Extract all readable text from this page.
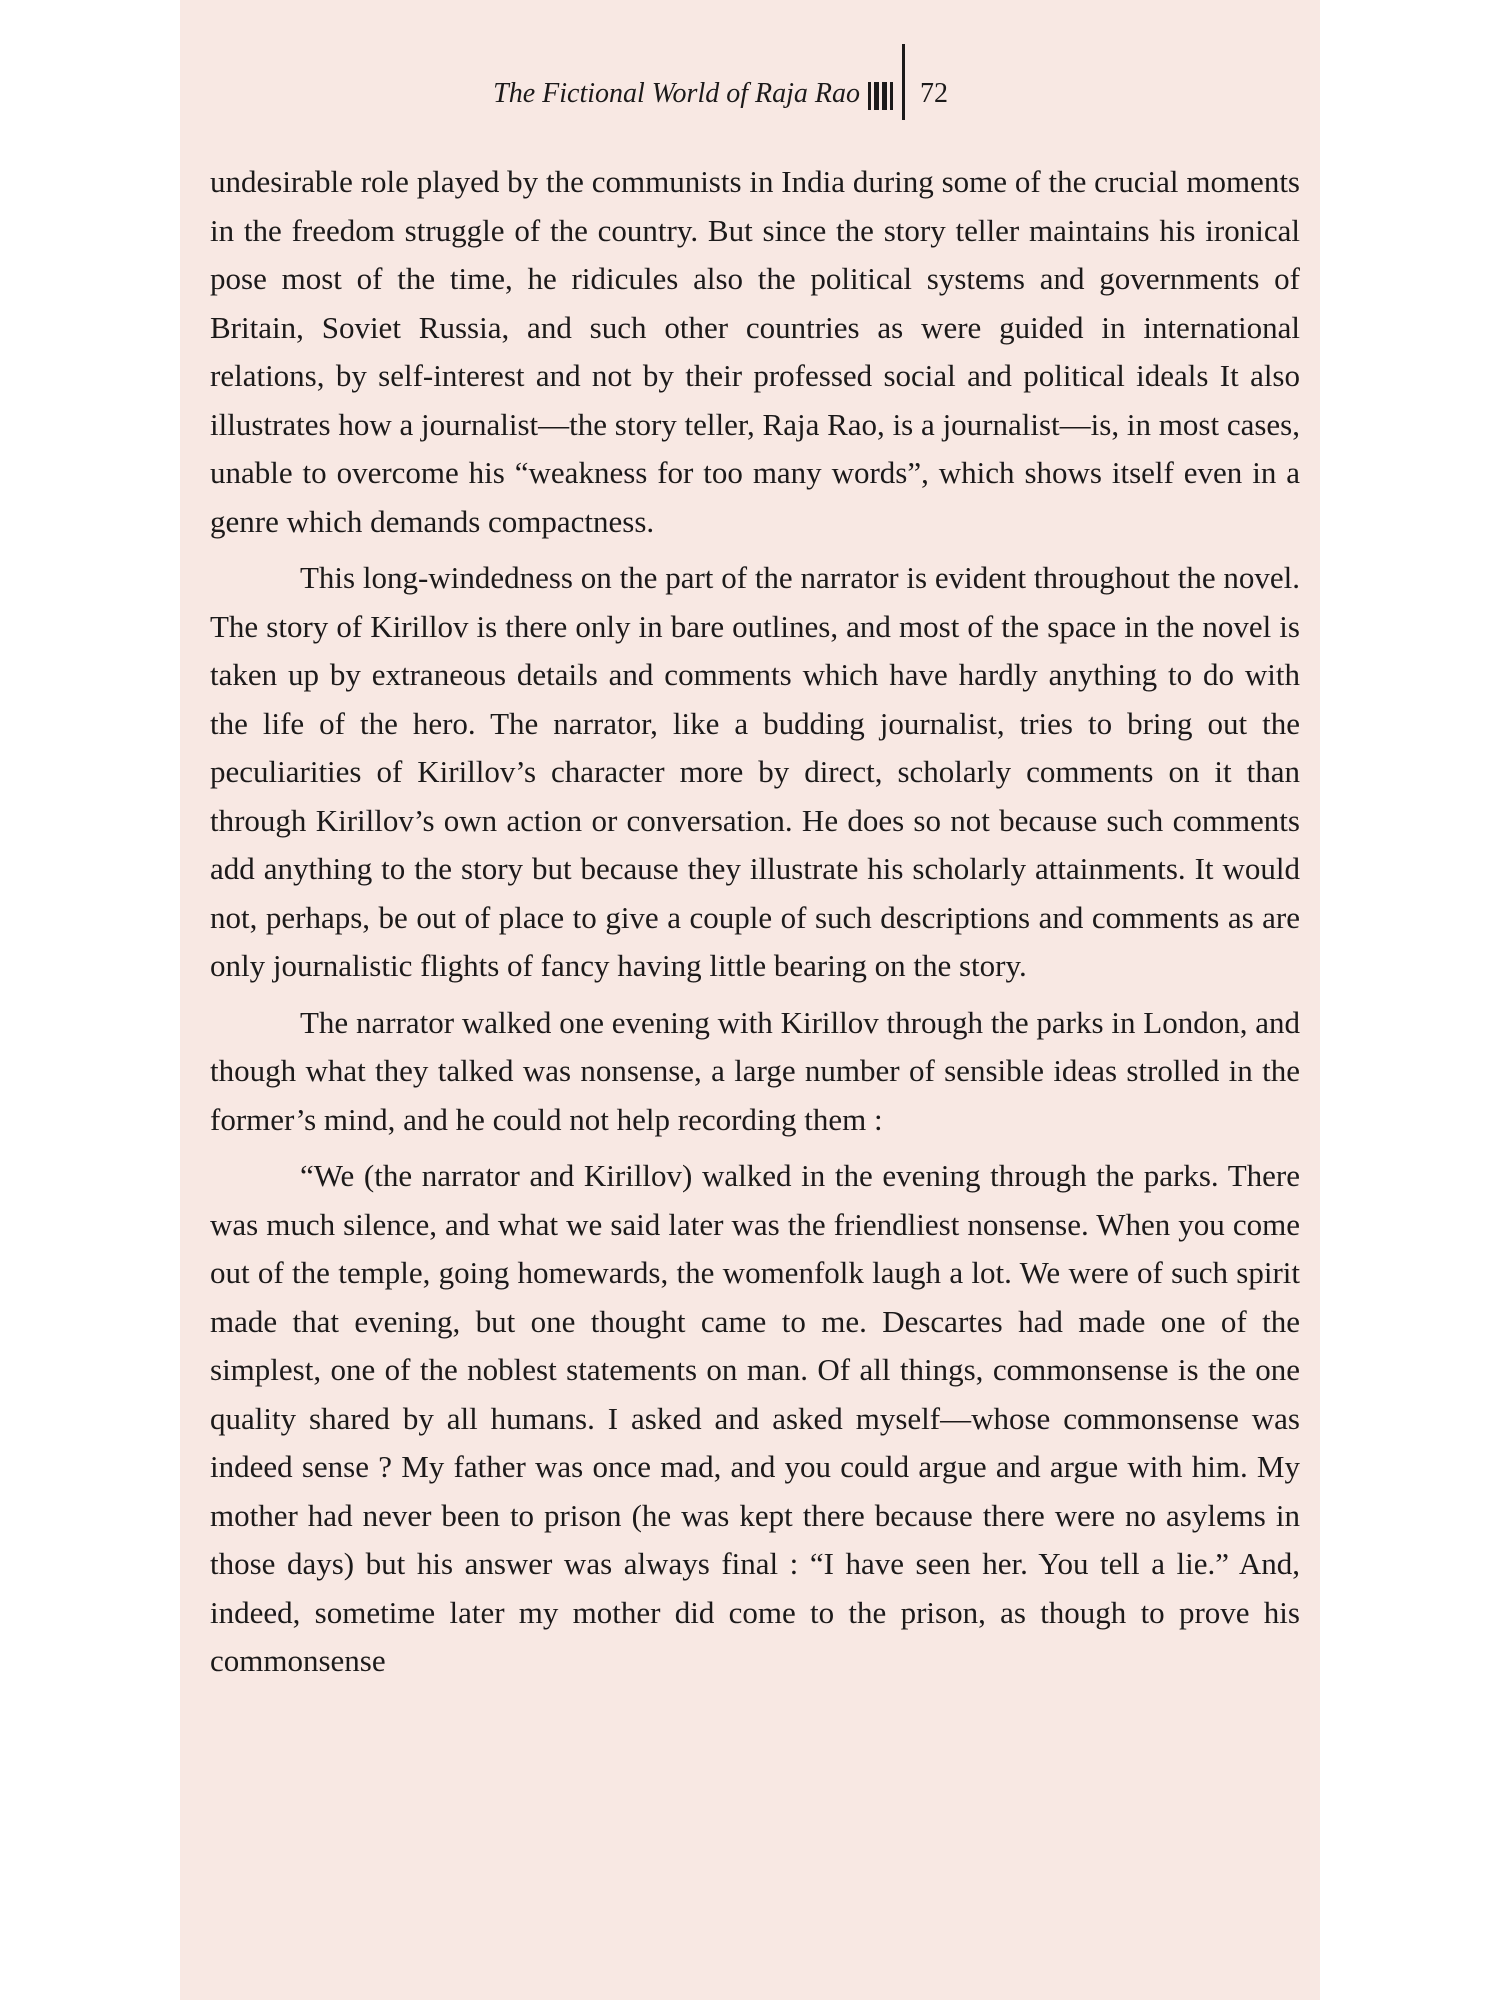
The Fictional World of Raja Rao 72

undesirable role played by the communists in India during some of the crucial moments in the freedom struggle of the country. But since the story teller maintains his ironical pose most of the time, he ridicules also the political systems and governments of Britain, Soviet Russia, and such other countries as were guided in international relations, by self-interest and not by their professed social and political ideals It also illustrates how a journalist—the story teller, Raja Rao, is a journalist—is, in most cases, unable to overcome his “weakness for too many words”, which shows itself even in a genre which demands compactness.

This long-windedness on the part of the narrator is evident throughout the novel. The story of Kirillov is there only in bare outlines, and most of the space in the novel is taken up by extraneous details and comments which have hardly anything to do with the life of the hero. The narrator, like a budding journalist, tries to bring out the peculiarities of Kirillov’s character more by direct, scholarly comments on it than through Kirillov’s own action or conversation. He does so not because such comments add anything to the story but because they illustrate his scholarly attainments. It would not, perhaps, be out of place to give a couple of such descriptions and comments as are only journalistic flights of fancy having little bearing on the story.

The narrator walked one evening with Kirillov through the parks in London, and though what they talked was nonsense, a large number of sensible ideas strolled in the former’s mind, and he could not help recording them :

“We (the narrator and Kirillov) walked in the evening through the parks. There was much silence, and what we said later was the friendliest nonsense. When you come out of the temple, going homewards, the womenfolk laugh a lot. We were of such spirit made that evening, but one thought came to me. Descartes had made one of the simplest, one of the noblest statements on man. Of all things, commonsense is the one quality shared by all humans. I asked and asked myself—whose commonsense was indeed sense ? My father was once mad, and you could argue and argue with him. My mother had never been to prison (he was kept there because there were no asylems in those days) but his answer was always final : “I have seen her. You tell a lie.” And, indeed, sometime later my mother did come to the prison, as though to prove his commonsense
